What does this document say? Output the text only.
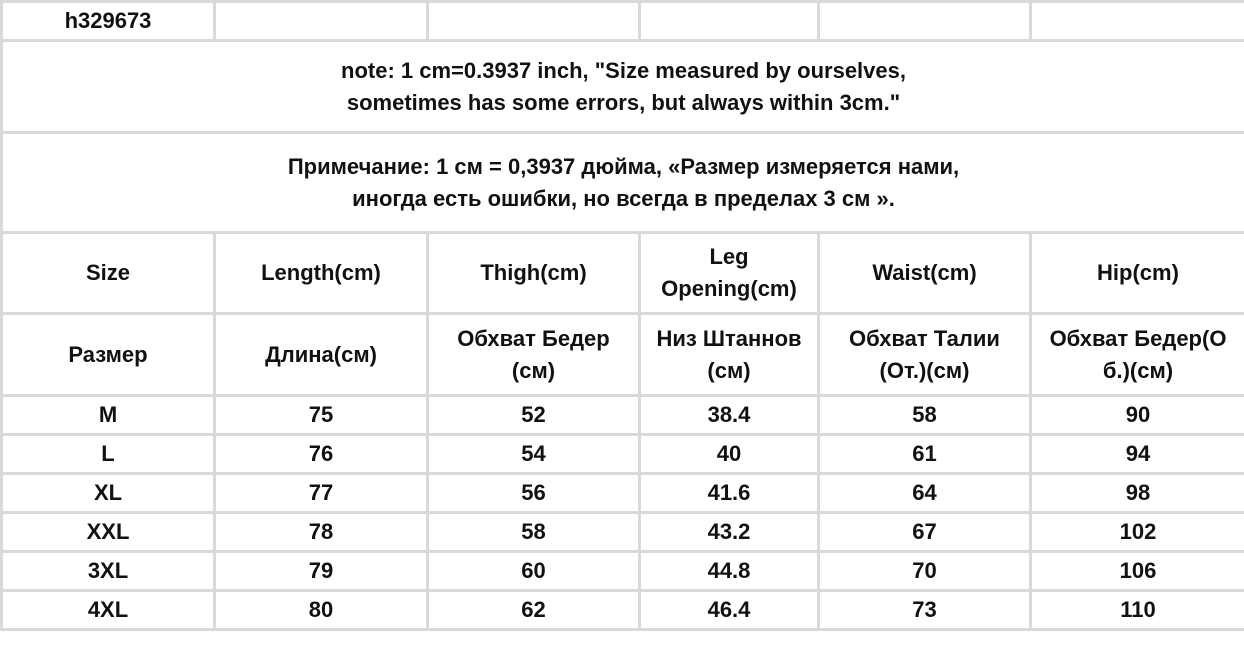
h329673					

note: 1 cm=0.3937 inch, "Size measured by ourselves,
sometimes has some errors, but always within 3cm."					

Примечание: 1 см = 0,3937 дюйма, «Размер измеряется нами,
иногда есть ошибки, но всегда в пределах 3 см ».					

Size	Length(cm)	Thigh(cm)	Leg
Opening(cm)	Waist(cm)	Hip(cm)
Размер	Длина(см)	Обхват Бедер
(см)	Низ Штаннов
(см)	Обхват Талии
(От.)(см)	Обхват Бедер(О
б.)(см)

M	75	52	38.4	58	90
L	76	54	40	61	94
XL	77	56	41.6	64	98
XXL	78	58	43.2	67	102
3XL	79	60	44.8	70	106
4XL	80	62	46.4	73	110
